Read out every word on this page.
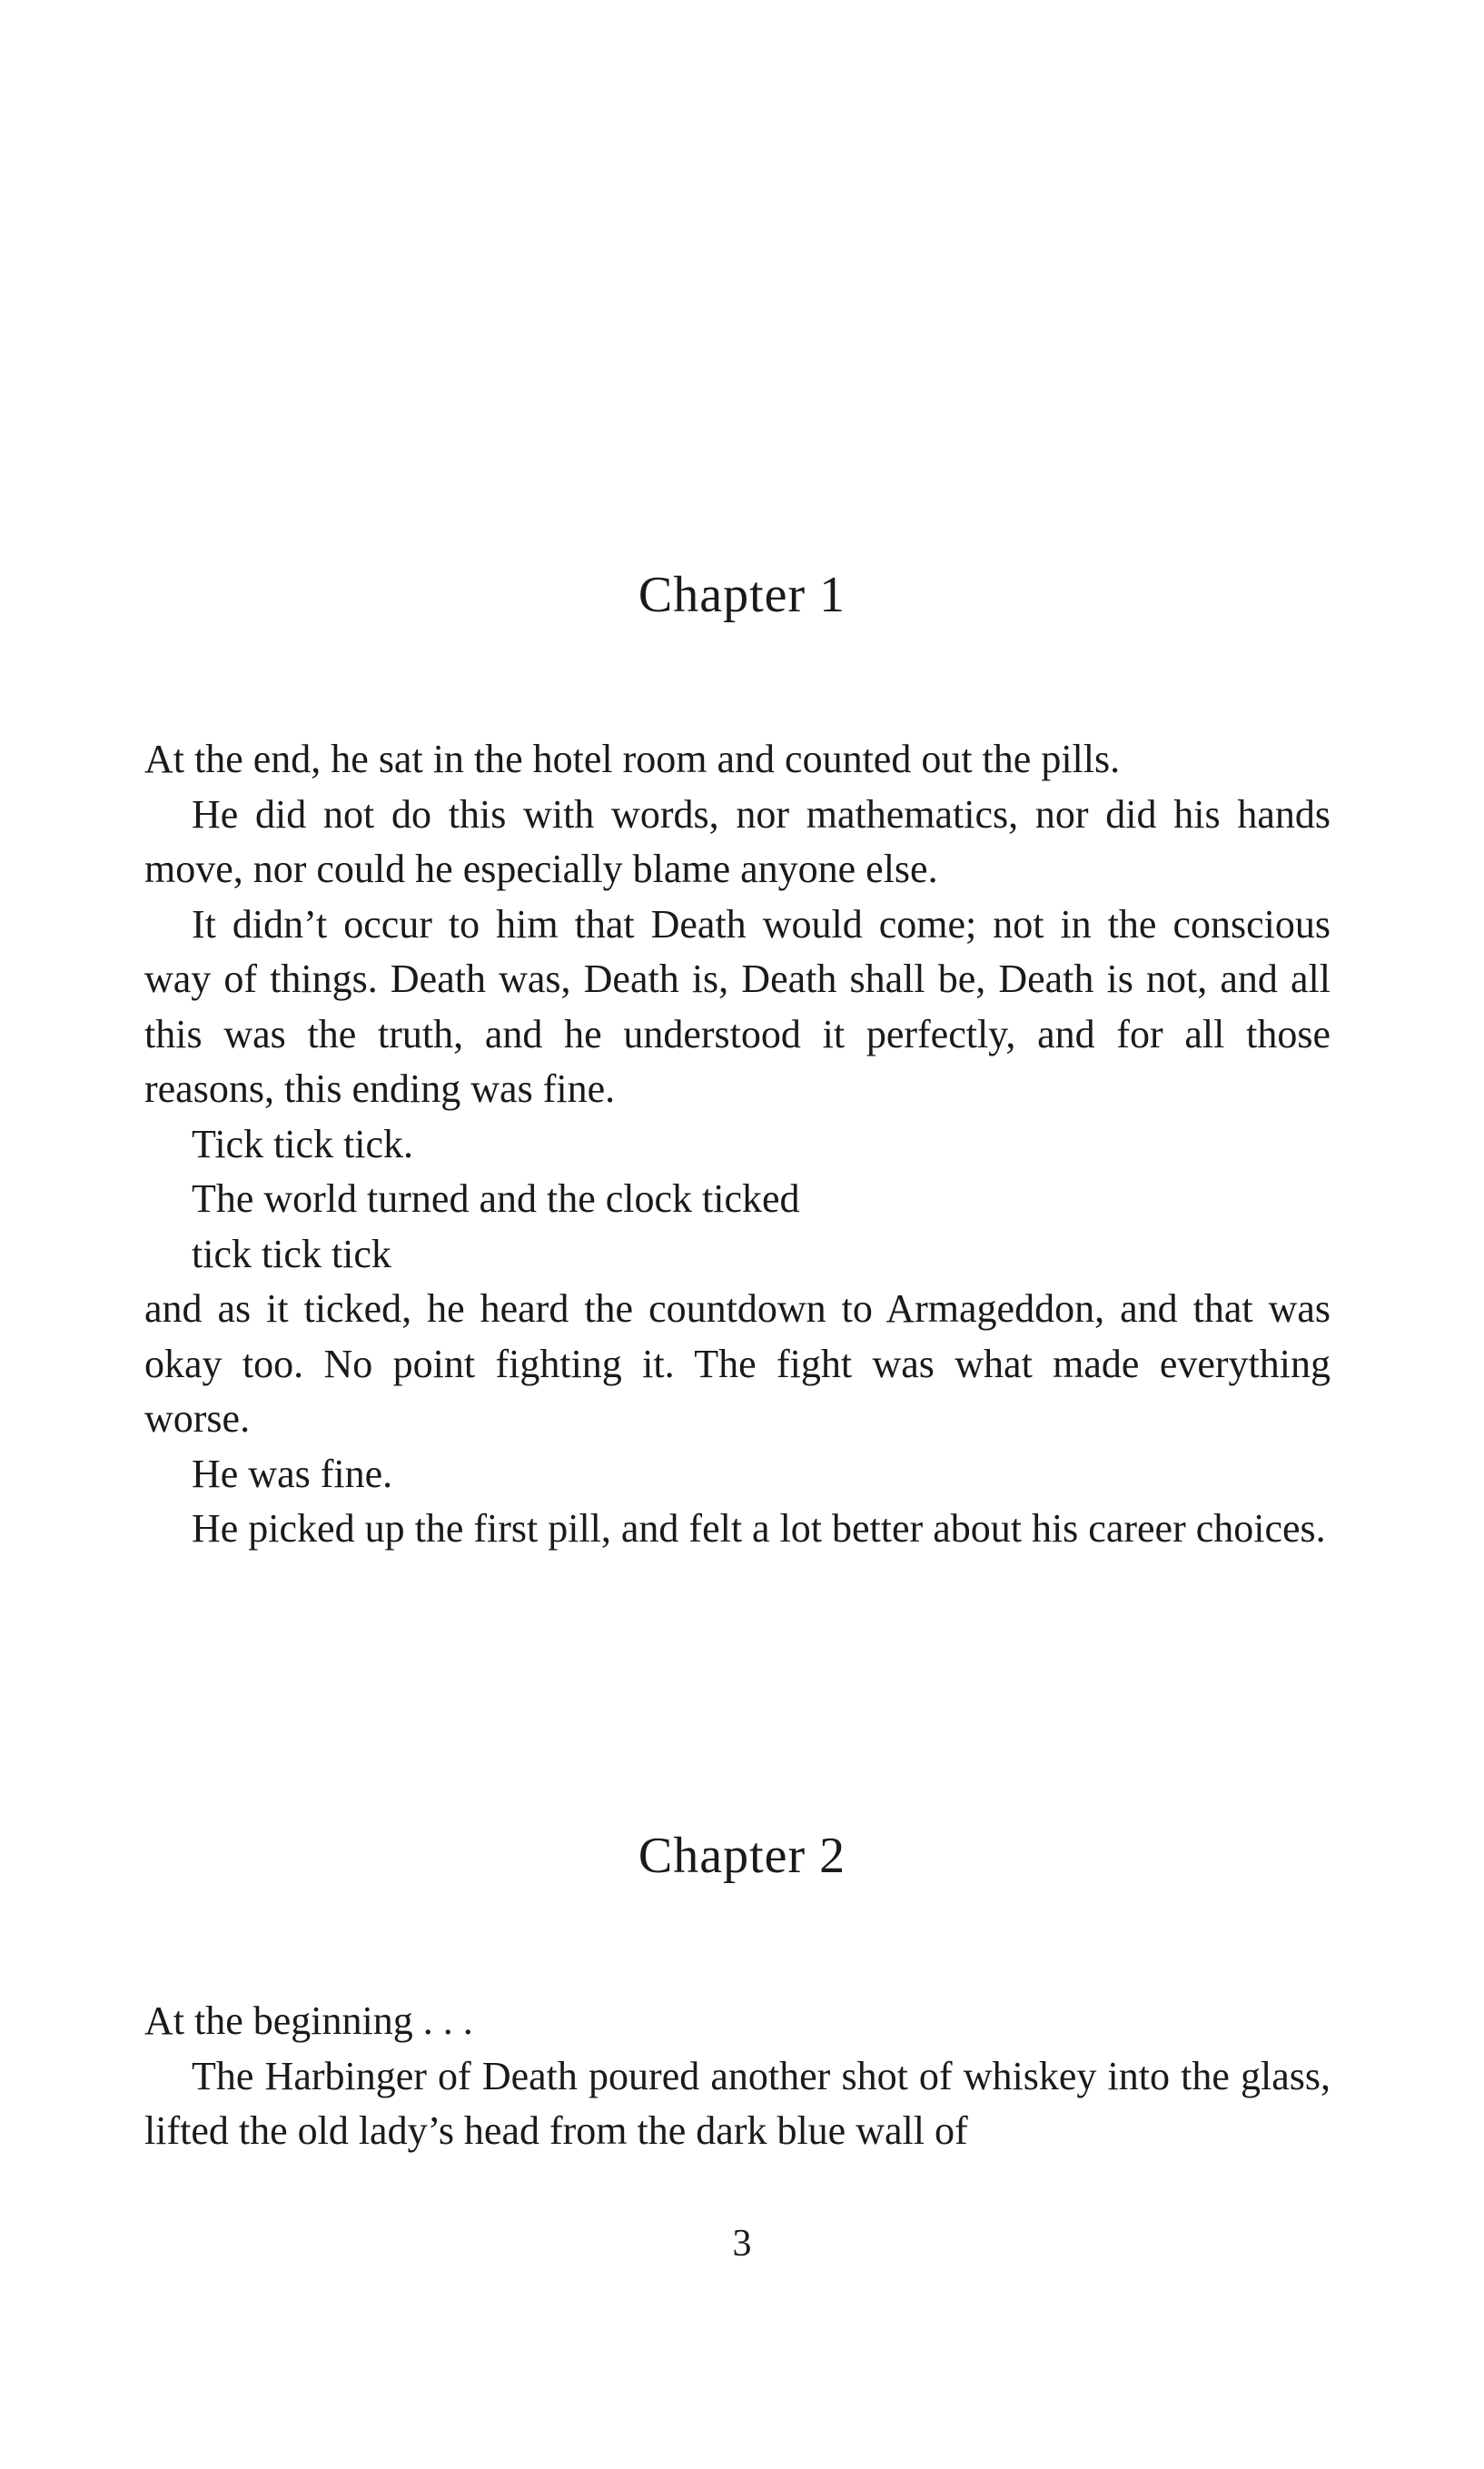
Chapter 1

At the end, he sat in the hotel room and counted out the pills.

He did not do this with words, nor mathematics, nor did his hands move, nor could he especially blame anyone else.

It didn’t occur to him that Death would come; not in the conscious way of things. Death was, Death is, Death shall be, Death is not, and all this was the truth, and he understood it perfectly, and for all those reasons, this ending was fine.

Tick tick tick.

The world turned and the clock ticked

tick tick tick

and as it ticked, he heard the countdown to Armageddon, and that was okay too. No point fighting it. The fight was what made everything worse.

He was fine.

He picked up the first pill, and felt a lot better about his career choices.

Chapter 2

At the beginning . . .

The Harbinger of Death poured another shot of whiskey into the glass, lifted the old lady’s head from the dark blue wall of

3
